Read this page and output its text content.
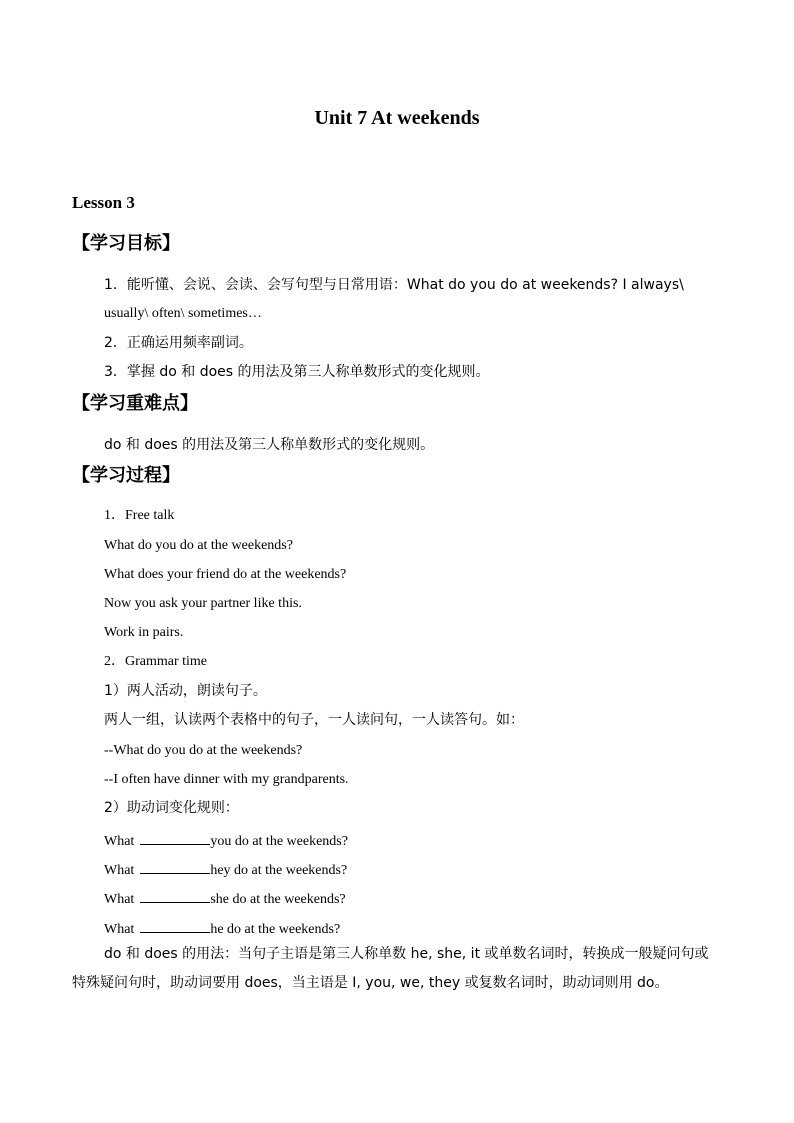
Unit 7 At weekends
Lesson 3
【学习目标】
1．能听懂、会说、会读、会写句型与日常用语：What do you do at weekends? I always\
usually\ often\ sometimes…
2．正确运用频率副词。
3．掌握 do 和 does 的用法及第三人称单数形式的变化规则。
【学习重难点】
do 和 does 的用法及第三人称单数形式的变化规则。
【学习过程】
1．Free talk
What do you do at the weekends?
What does your friend do at the weekends?
Now you ask your partner like this.
Work in pairs.
2．Grammar time
1）两人活动，朗读句子。
两人一组，认读两个表格中的句子，一人读问句，一人读答句。如：
--What do you do at the weekends?
--I often have dinner with my grandparents.
2）助动词变化规则：
What	you do at the weekends?
What	hey do at the weekends?
What	she do at the weekends?
What	he do at the weekends?
do 和 does 的用法：当句子主语是第三人称单数 he, she, it 或单数名词时，转换成一般疑问句或特殊疑问句时，助动词要用 does，当主语是 I, you, we, they 或复数名词时，助动词则用 do。
